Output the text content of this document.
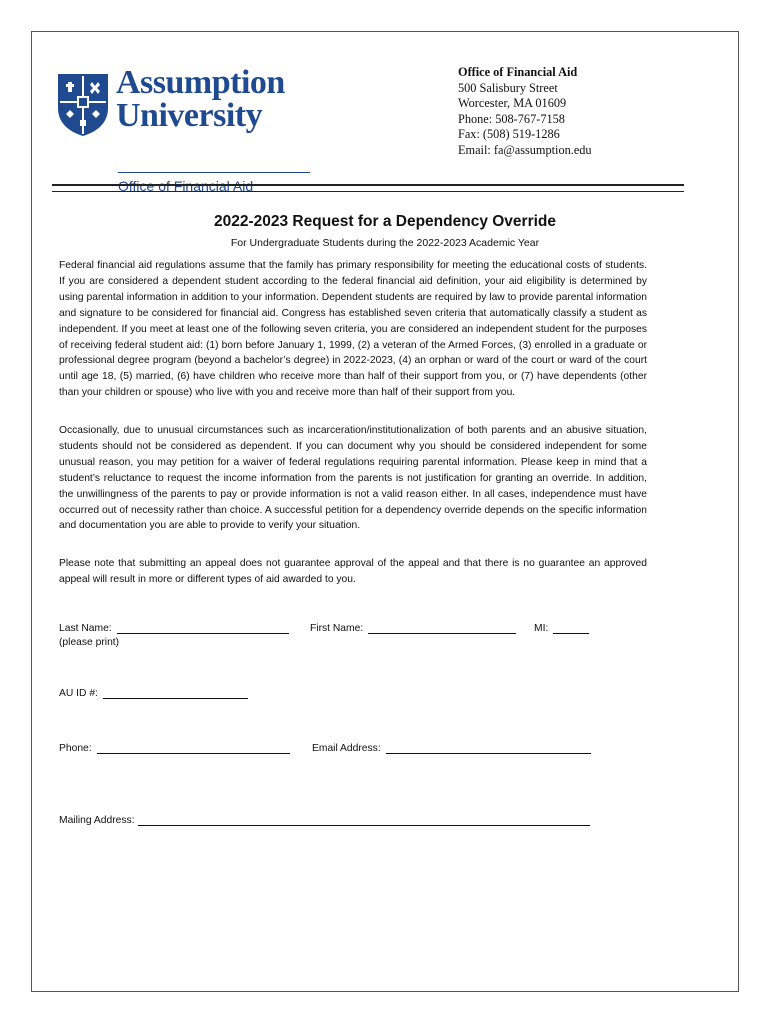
Assumption
University
Office of Financial Aid
Office of Financial Aid
500 Salisbury Street
Worcester, MA 01609
Phone: 508-767-7158
Fax: (508) 519-1286
Email: fa@assumption.edu
2022-2023 Request for a Dependency Override
For Undergraduate Students during the 2022-2023 Academic Year

Federal financial aid regulations assume that the family has primary responsibility for meeting the educational costs of students. If you are considered a dependent student according to the federal financial aid definition, your aid eligibility is determined by using parental information in addition to your information. Dependent students are required by law to provide parental information and signature to be considered for financial aid. Congress has established seven criteria that automatically classify a student as independent. If you meet at least one of the following seven criteria, you are considered an independent student for the purposes of receiving federal student aid: (1) born before January 1, 1999, (2) a veteran of the Armed Forces, (3) enrolled in a graduate or professional degree program (beyond a bachelor’s degree) in 2022-2023, (4) an orphan or ward of the court or ward of the court until age 18, (5) married, (6) have children who receive more than half of their support from you, or (7) have dependents (other than your children or spouse) who live with you and receive more than half of their support from you.

Occasionally, due to unusual circumstances such as incarceration/institutionalization of both parents and an abusive situation, students should not be considered as dependent. If you can document why you should be considered independent for some unusual reason, you may petition for a waiver of federal regulations requiring parental information. Please keep in mind that a student’s reluctance to request the income information from the parents is not justification for granting an override. In addition, the unwillingness of the parents to pay or provide information is not a valid reason either. In all cases, independence must have occurred out of necessity rather than choice. A successful petition for a dependency override depends on the specific information and documentation you are able to provide to verify your situation.

Please note that submitting an appeal does not guarantee approval of the appeal and that there is no guarantee an approved appeal will result in more or different types of aid awarded to you.

Last Name:
(please print)
First Name:	MI:
AU ID #:
Phone:	Email Address:
Mailing Address:
